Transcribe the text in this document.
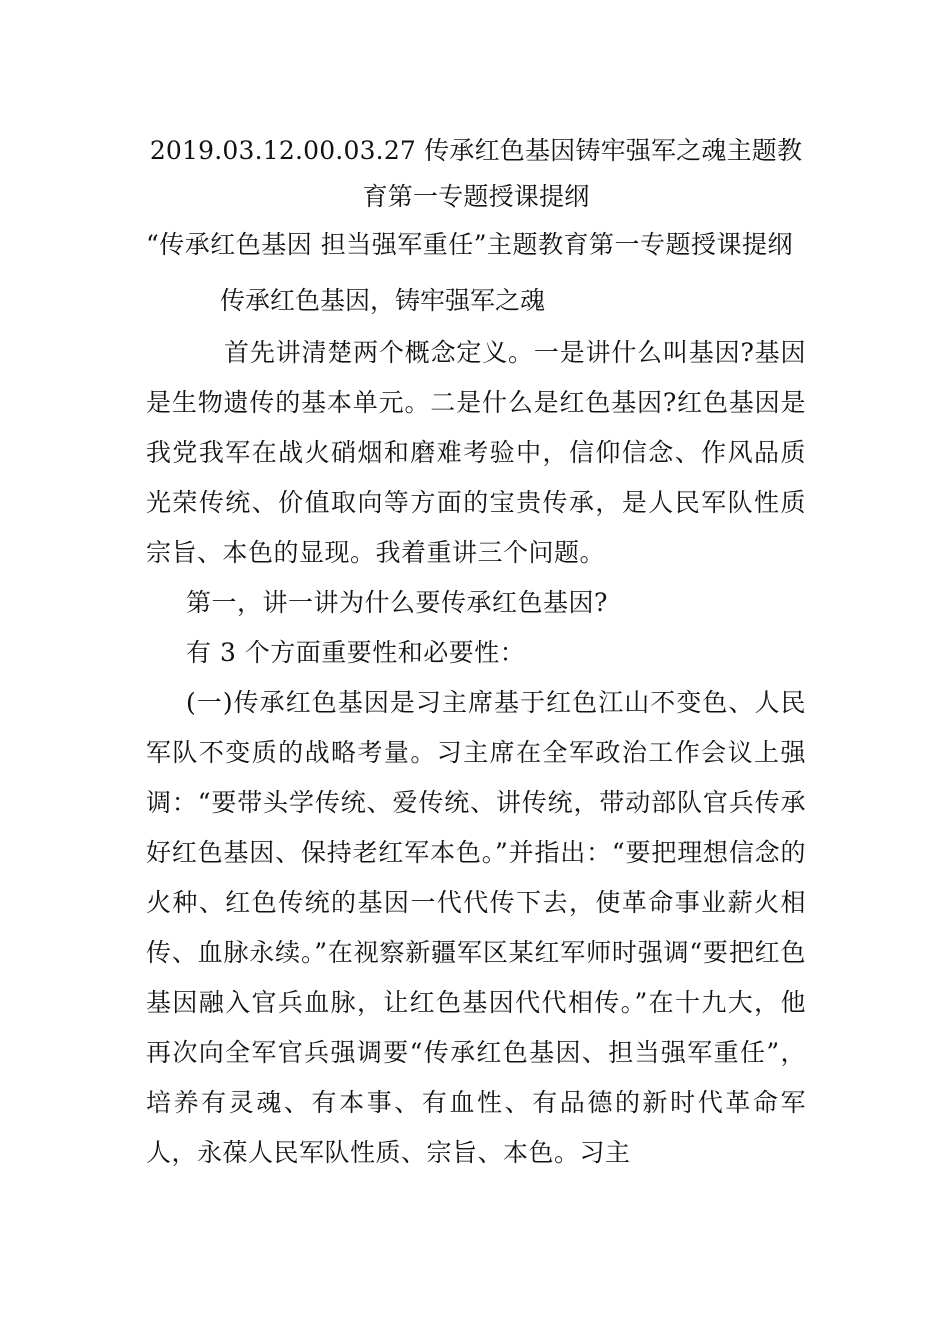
2019.03.12.00.03.27 传承红色基因铸牢强军之魂主题教育第一专题授课提纲
“传承红色基因 担当强军重任”主题教育第一专题授课提纲
传承红色基因，铸牢强军之魂

首先讲清楚两个概念定义。一是讲什么叫基因?基因是生物遗传的基本单元。二是什么是红色基因?红色基因是我党我军在战火硝烟和磨难考验中，信仰信念、作风品质光荣传统、价值取向等方面的宝贵传承，是人民军队性质宗旨、本色的显现。我着重讲三个问题。

第一，讲一讲为什么要传承红色基因?

有 3 个方面重要性和必要性：

(一)传承红色基因是习主席基于红色江山不变色、人民军队不变质的战略考量。习主席在全军政治工作会议上强调：“要带头学传统、爱传统、讲传统，带动部队官兵传承好红色基因、保持老红军本色。”并指出：“要把理想信念的火种、红色传统的基因一代代传下去，使革命事业薪火相传、血脉永续。”在视察新疆军区某红军师时强调“要把红色基因融入官兵血脉，让红色基因代代相传。”在十九大，他再次向全军官兵强调要“传承红色基因、担当强军重任”，培养有灵魂、有本事、有血性、有品德的新时代革命军人，永葆人民军队性质、宗旨、本色。习主
